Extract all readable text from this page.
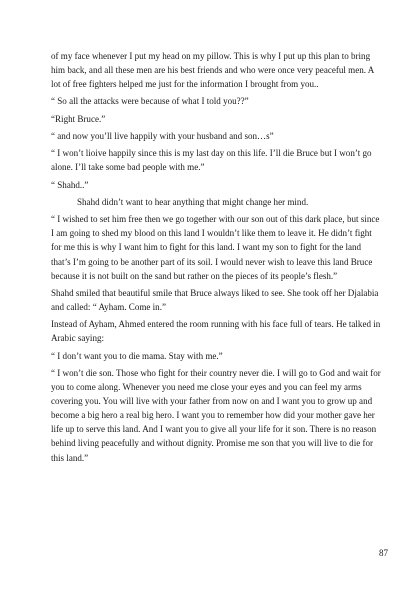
of my face whenever I put my head on my pillow. This is why I put up this plan to bring him back, and all these men are his best friends and who were once very peaceful men. A lot of free fighters helped me just for the information I brought from you..

“ So all the attacks were because of what I told you??”

“Right Bruce.”

“ and now you’ll live happily with your husband and son…s”

“ I won’t lioive happily since this is my last day on this life. I’ll die Bruce but I won’t go alone. I’ll take some bad people with me.”

“ Shahd..”

Shahd didn’t want to hear anything that might change her mind.

“ I wished to set him free then we go together with our son out of this dark place, but since I am going to shed my blood on this land I wouldn’t like them to leave it. He didn’t fight for me this is why I want him to fight for this land. I want my son to fight for the land that’s I’m going to be another part of its soil. I would never wish to leave this land Bruce because it is not built on the sand but rather on the pieces of its people’s flesh.”

Shahd smiled that beautiful smile that Bruce always liked to see. She took off her Djalabia and called: “ Ayham. Come in.”

Instead of Ayham, Ahmed entered the room running with his face full of tears. He talked in Arabic saying:

“ I don’t want you to die mama. Stay with me.”

“ I won’t die son. Those who fight for their country never die. I will go to God and wait for you to come along. Whenever you need me close your eyes and you can feel my arms covering you. You will live with your father from now on and I want you to grow up and become a big hero a real big hero. I want you to remember how did your mother gave her life up to serve this land. And I want you to give all your life for it son. There is no reason behind living peacefully and without dignity. Promise me son that you will live to die for this land.”

87
